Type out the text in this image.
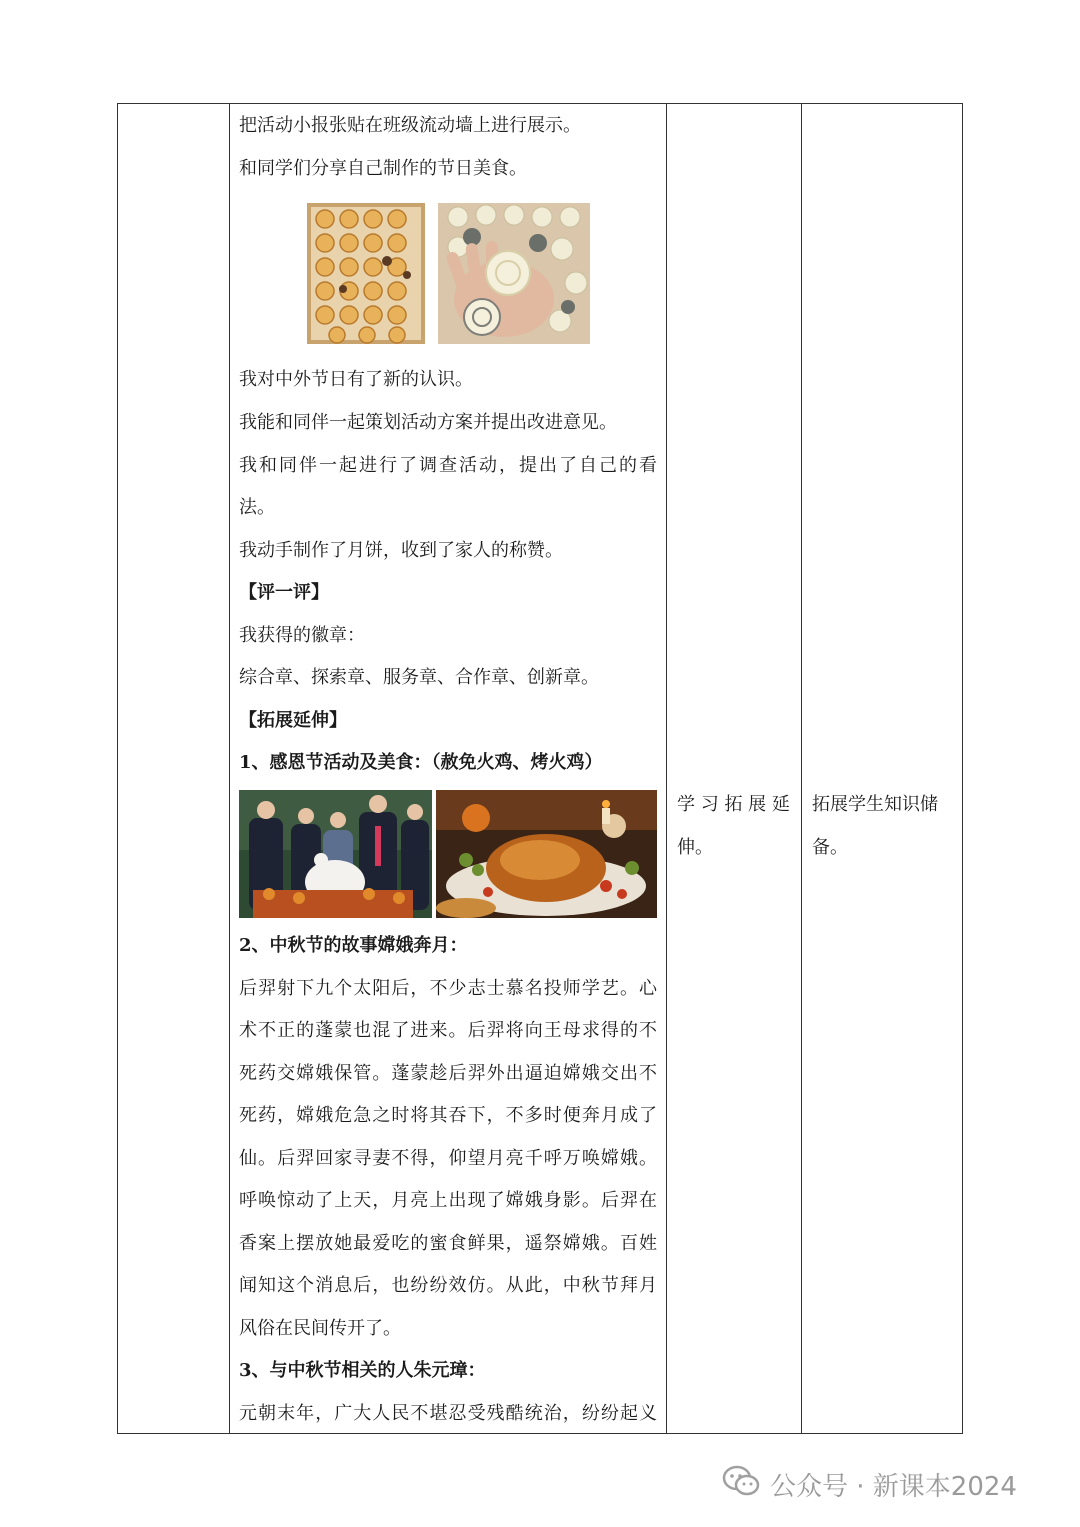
把活动小报张贴在班级流动墙上进行展示。
和同学们分享自己制作的节日美食。
我对中外节日有了新的认识。
我能和同伴一起策划活动方案并提出改进意见。
我和同伴一起进行了调查活动，提出了自己的看
法。
我动手制作了月饼，收到了家人的称赞。
【评一评】
我获得的徽章：
综合章、探索章、服务章、合作章、创新章。
【拓展延伸】
1、感恩节活动及美食：（赦免火鸡、烤火鸡）
2、中秋节的故事嫦娥奔月：
后羿射下九个太阳后，不少志士慕名投师学艺。心
术不正的蓬蒙也混了进来。后羿将向王母求得的不
死药交嫦娥保管。蓬蒙趁后羿外出逼迫嫦娥交出不
死药，嫦娥危急之时将其吞下，不多时便奔月成了
仙。后羿回家寻妻不得，仰望月亮千呼万唤嫦娥。
呼唤惊动了上天，月亮上出现了嫦娥身影。后羿在
香案上摆放她最爱吃的蜜食鲜果，遥祭嫦娥。百姓
闻知这个消息后，也纷纷效仿。从此，中秋节拜月
风俗在民间传开了。
3、与中秋节相关的人朱元璋：
元朝末年，广大人民不堪忍受残酷统治，纷纷起义
学 习 拓 展 延
伸。
拓展学生知识储
备。
公众号 · 新课本2024
